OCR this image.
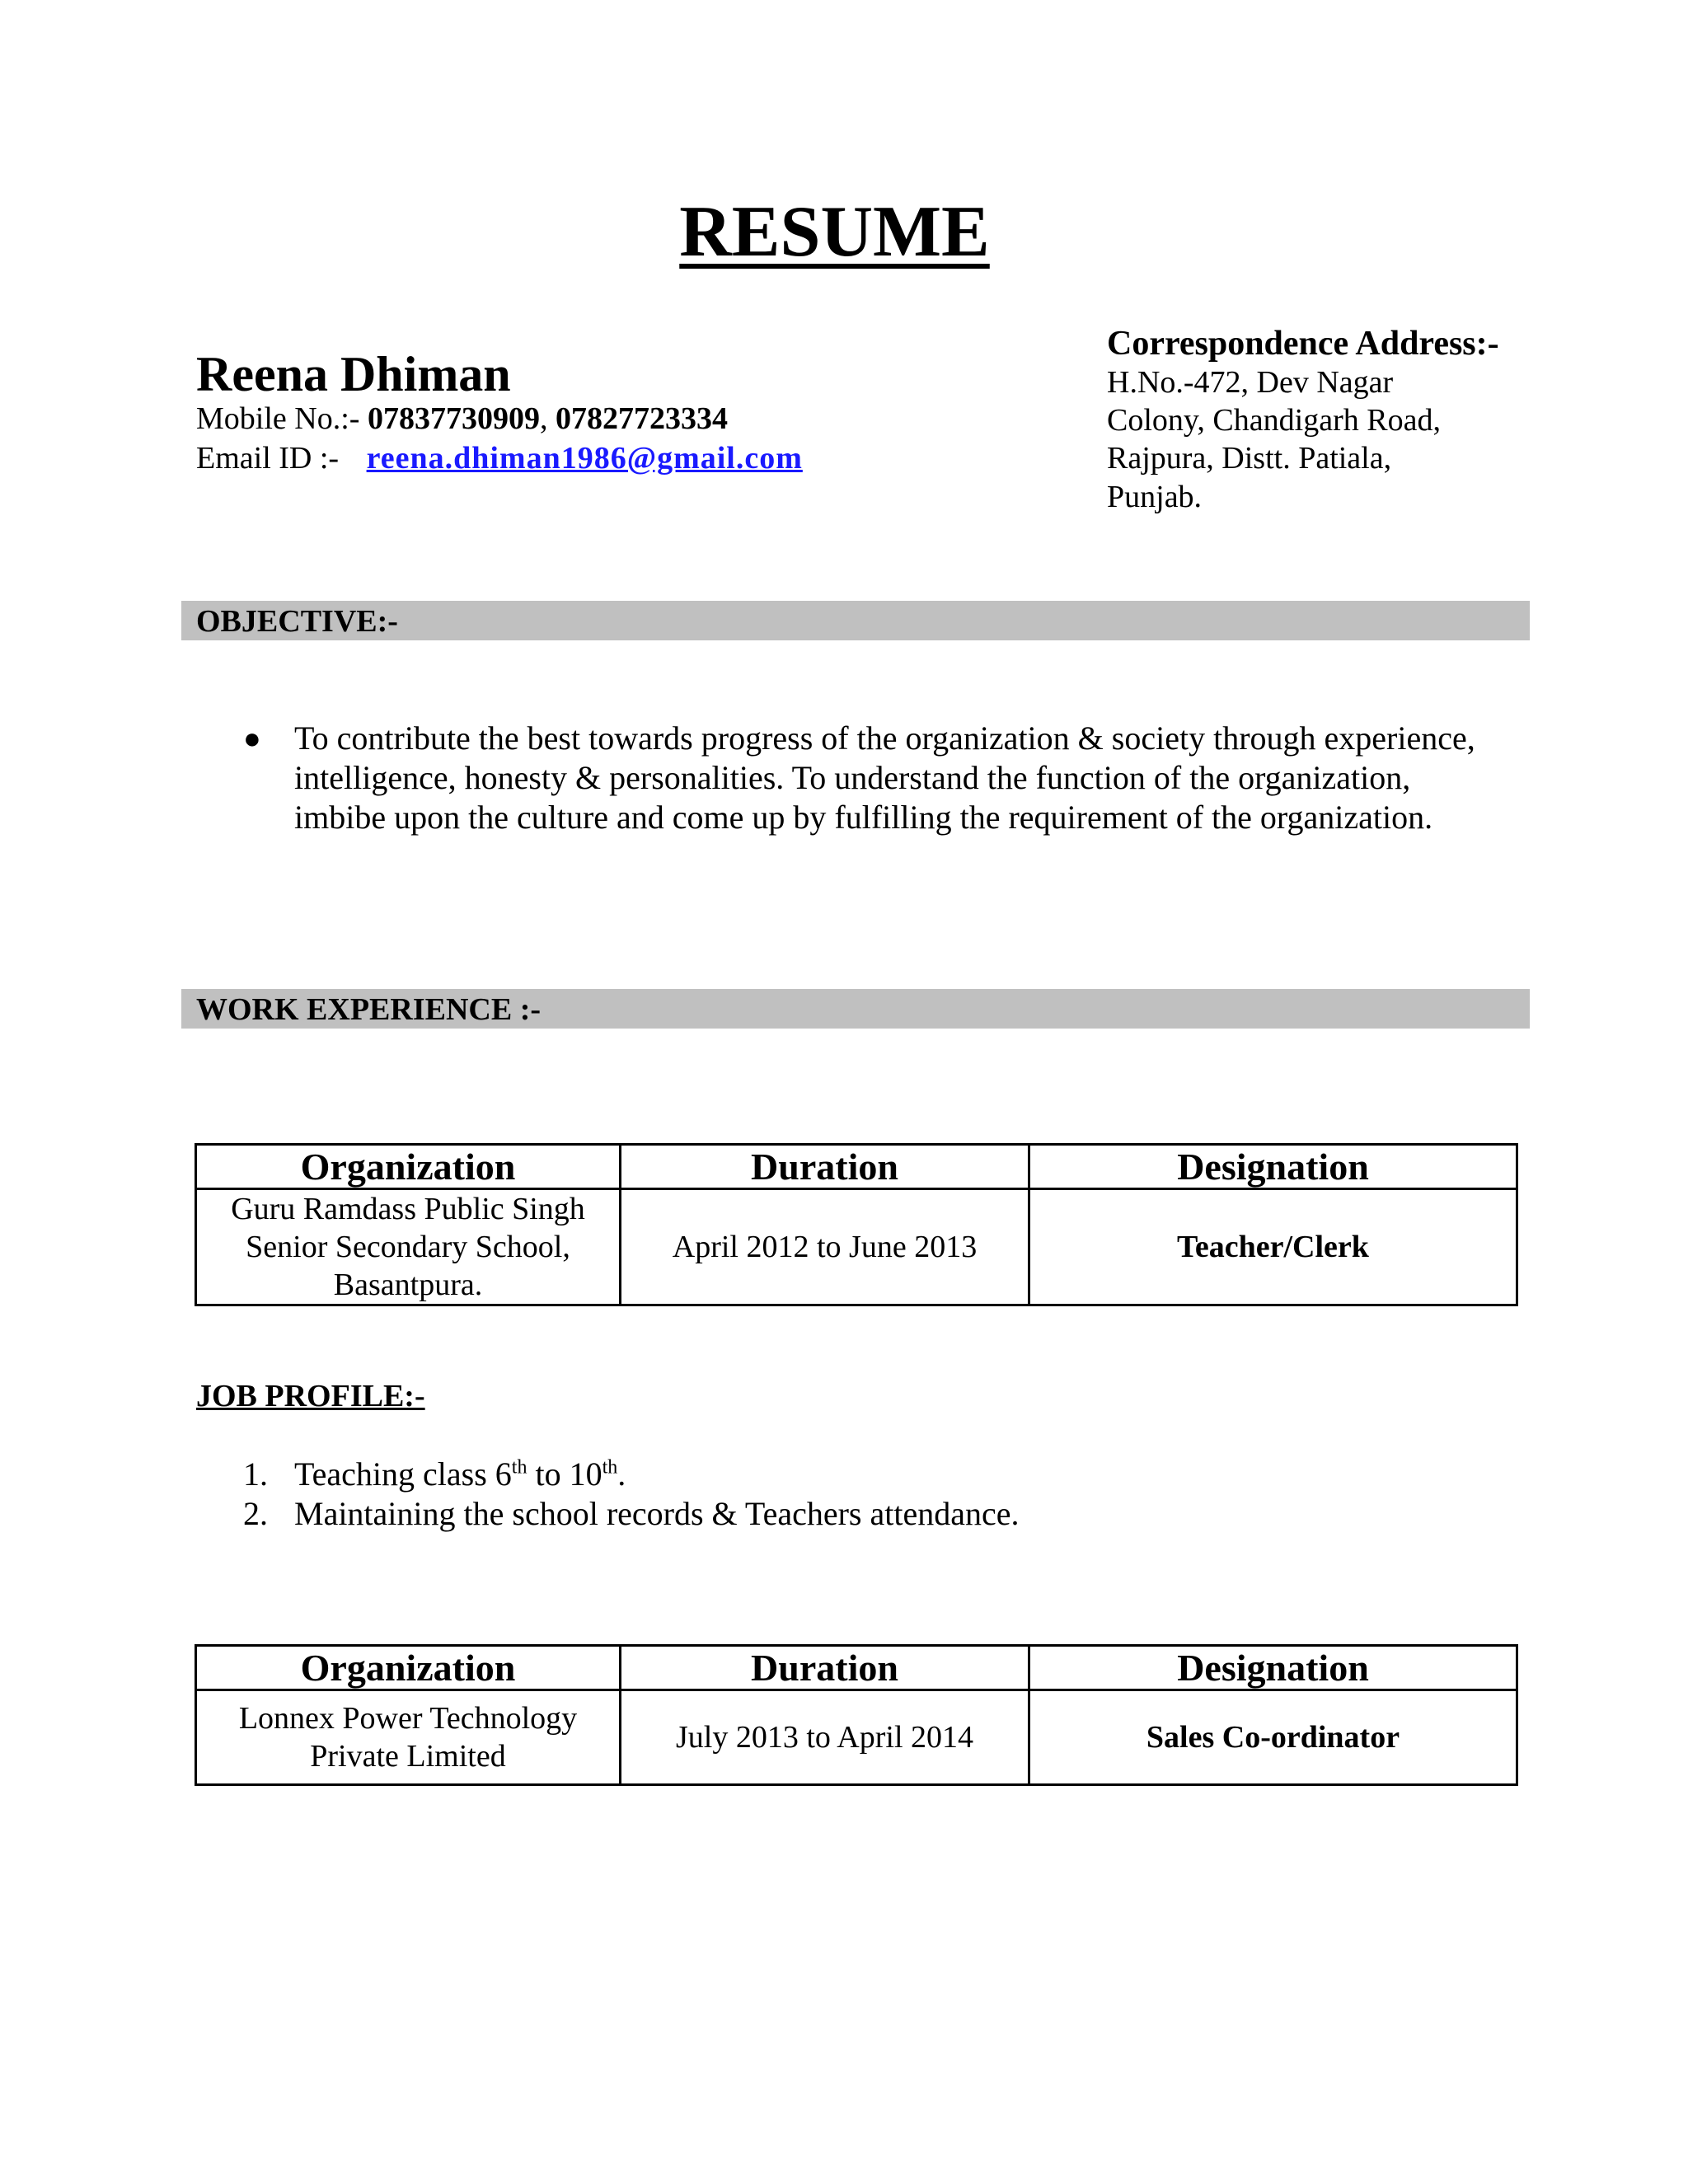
RESUME
Reena Dhiman
Mobile No.:- 07837730909, 07827723334
Email ID :- reena.dhiman1986@gmail.com
Correspondence Address:-
H.No.-472, Dev Nagar
Colony, Chandigarh Road,
Rajpura, Distt. Patiala,
Punjab.
OBJECTIVE:-
● To contribute the best towards progress of the organization & society through experience, intelligence, honesty & personalities. To understand the function of the organization, imbibe upon the culture and come up by fulfilling the requirement of the organization.
WORK EXPERIENCE :-
Organization	Duration	Designation
Guru Ramdass Public Singh Senior Secondary School, Basantpura.	April 2012 to June 2013	Teacher/Clerk
JOB PROFILE:-
1. Teaching class 6th to 10th.
2. Maintaining the school records & Teachers attendance.
Organization	Duration	Designation
Lonnex Power Technology Private Limited	July 2013 to April 2014	Sales Co-ordinator
